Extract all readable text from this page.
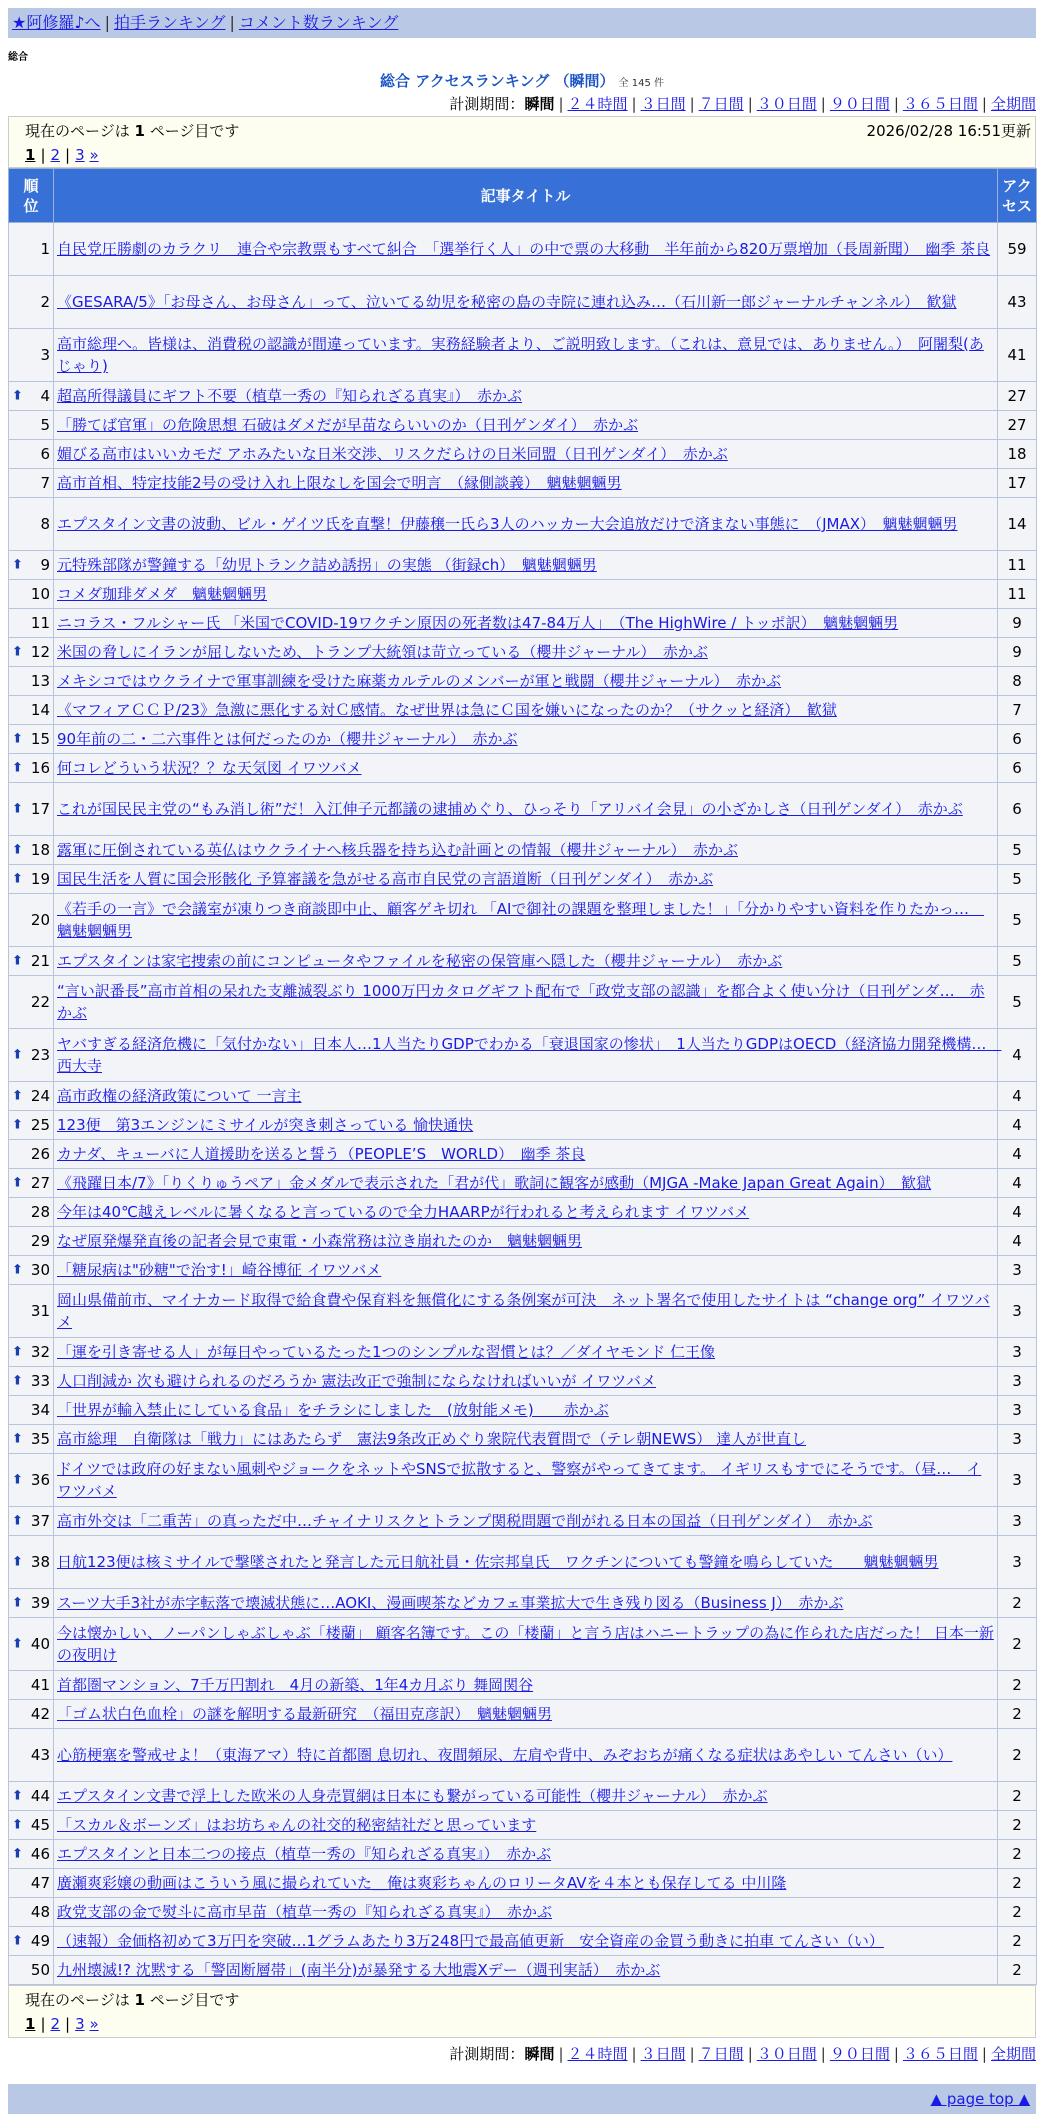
★阿修羅♪へ | 拍手ランキング | コメント数ランキング
総合
総合 アクセスランキング （瞬間） 全 145 件
計測期間：瞬間 | ２４時間 | ３日間 | ７日間 | ３０日間 | ９０日間 | ３６５日間 | 全期間
現在のページは 1 ページ目です	2026/02/28 16:51更新
1 | 2 | 3 »
順位	記事タイトル	アクセス
1	自民党圧勝劇のカラクリ　連合や宗教票もすべて糾合　「選挙行く人」の中で票の大移動　半年前から820万票増加（長周新聞）　幽季 茶良	59
2	《GESARA/5》「お母さん、お母さん」って、泣いてる幼児を秘密の島の寺院に連れ込み…（石川新一郎ジャーナルチャンネル）　歓獄	43
3	高市総理へ。皆様は、消費税の認識が間違っています。実務経験者より、ご説明致します。（これは、意見では、ありません。）　阿闍梨(あじゃり)	41

⬆ 4	超高所得議員にギフト不要（植草一秀の『知られざる真実』）　赤かぶ	27
5	「勝てば官軍」の危険思想 石破はダメだが早苗ならいいのか（日刊ゲンダイ）　赤かぶ	27
6	媚びる高市はいいカモだ アホみたいな日米交渉、リスクだらけの日米同盟（日刊ゲンダイ）　赤かぶ	18
7	高市首相、特定技能2号の受け入れ上限なしを国会で明言　（縁側談義）　魑魅魍魎男	17
8	エプスタイン文書の波動、ビル・ゲイツ氏を直撃！伊藤穣一氏ら3人のハッカー大会追放だけで済まない事態に　（JMAX）　魑魅魍魎男	14

⬆ 9	元特殊部隊が警鐘する「幼児トランク詰め誘拐」の実態 （街録ch）　魑魅魍魎男	11
10	コメダ珈琲ダメダ　魑魅魍魎男	11
11	ニコラス・フルシャー氏 「米国でCOVID-19ワクチン原因の死者数は47-84万人」　（The HighWire / トッポ訳）　魑魅魍魎男	9

⬆ 12	米国の脅しにイランが屈しないため、トランプ大統領は苛立っている（櫻井ジャーナル）　赤かぶ	9
13	メキシコではウクライナで軍事訓練を受けた麻薬カルテルのメンバーが軍と戦闘（櫻井ジャーナル）　赤かぶ	8
14	《マフィアＣＣＰ/23》急激に悪化する対Ｃ感情。なぜ世界は急にＣ国を嫌いになったのか？（サクッと経済）　歓獄	7

⬆ 15	90年前の二・二六事件とは何だったのか（櫻井ジャーナル）　赤かぶ	6

⬆ 16	何コレどういう状況？？な天気図 イワツバメ	6

⬆ 17	これが国民民主党の“もみ消し術”だ！入江伸子元都議の逮捕めぐり、ひっそり「アリバイ会見」の小ざかしさ（日刊ゲンダイ）　赤かぶ	6

⬆ 18	露軍に圧倒されている英仏はウクライナへ核兵器を持ち込む計画との情報（櫻井ジャーナル）　赤かぶ	5

⬆ 19	国民生活を人質に国会形骸化 予算審議を急がせる高市自民党の言語道断（日刊ゲンダイ）　赤かぶ	5
20	《若手の一言》で会議室が凍りつき商談即中止、顧客ゲキ切れ 「AIで御社の課題を整理しました！」「分かりやすい資料を作りたかっ…　魑魅魍魎男	5

⬆ 21	エプスタインは家宅捜索の前にコンピュータやファイルを秘密の保管庫へ隠した（櫻井ジャーナル）　赤かぶ	5
22	“言い訳番長”高市首相の呆れた支離滅裂ぶり 1000万円カタログギフト配布で「政党支部の認識」を都合よく使い分け（日刊ゲンダ…　赤かぶ	5

⬆ 23	ヤバすぎる経済危機に「気付かない」日本人…1人当たりGDPでわかる「衰退国家の惨状」　1人当たりGDPはOECD（経済協力開発機構…　西大寺	4

⬆ 24	高市政権の経済政策について 一言主	4

⬆ 25	123便　第3エンジンにミサイルが突き刺さっている 愉快通快	4
26	カナダ、キューバに人道援助を送ると誓う（PEOPLE’S　WORLD）　幽季 茶良	4

⬆ 27	《飛躍日本/7》「りくりゅうペア」金メダルで表示された「君が代」歌詞に観客が感動（MJGA -Make Japan Great Again）　歓獄	4
28	今年は40℃越えレベルに暑くなると言っているので全力HAARPが行われると考えられます イワツバメ	4
29	なぜ原発爆発直後の記者会見で東電・小森常務は泣き崩れたのか　魑魅魍魎男	4

⬆ 30	「糖尿病は"砂糖"で治す!」崎谷博征 イワツバメ	3
31	岡山県備前市、マイナカード取得で給食費や保育料を無償化にする条例案が可決　ネット署名で使用したサイトは “change org” イワツバメ	3

⬆ 32	「運を引き寄せる人」が毎日やっているたった1つのシンプルな習慣とは？／ダイヤモンド 仁王像	3

⬆ 33	人口削減か 次も避けられるのだろうか 憲法改正で強制にならなければいいが イワツバメ	3
34	「世界が輸入禁止にしている食品」をチラシにしました　(放射能メモ)　　赤かぶ	3

⬆ 35	高市総理　自衛隊は「戦力」にはあたらず　憲法9条改正めぐり衆院代表質問で（テレ朝NEWS） 達人が世直し	3

⬆ 36	ドイツでは政府の好まない風刺やジョークをネットやSNSで拡散すると、警察がやってきてます。 イギリスもすでにそうです。（昼…　イワツバメ	3

⬆ 37	高市外交は「二重苦」の真っただ中…チャイナリスクとトランプ関税問題で削がれる日本の国益（日刊ゲンダイ）　赤かぶ	3

⬆ 38	日航123便は核ミサイルで撃墜されたと発言した元日航社員・佐宗邦皇氏　ワクチンについても警鐘を鳴らしていた　　魑魅魍魎男	3

⬆ 39	スーツ大手3社が赤字転落で壊滅状態に…AOKI、漫画喫茶などカフェ事業拡大で生き残り図る（Business J）　赤かぶ	2

⬆ 40	今は懐かしい、ノーパンしゃぶしゃぶ「楼蘭」 顧客名簿です。この「楼蘭」と言う店はハニートラップの為に作られた店だった！ 日本一新の夜明け	2
41	首都圏マンション、7千万円割れ　4月の新築、1年4カ月ぶり 舞岡関谷	2
42	「ゴム状白色血栓」の謎を解明する最新研究　（福田克彦訳）　魑魅魍魎男	2
43	心筋梗塞を警戒せよ！（東海アマ）特に首都圏 息切れ、夜間頻尿、左肩や背中、みぞおちが痛くなる症状はあやしい てんさい（い）	2

⬆ 44	エプスタイン文書で浮上した欧米の人身売買網は日本にも繋がっている可能性（櫻井ジャーナル）　赤かぶ	2

⬆ 45	「スカル＆ボーンズ」はお坊ちゃんの社交的秘密結社だと思っています	2

⬆ 46	エプスタインと日本二つの接点（植草一秀の『知られざる真実』）　赤かぶ	2
47	廣瀬爽彩嬢の動画はこういう風に撮られていた＿俺は爽彩ちゃんのロリータAVを４本とも保存してる 中川隆	2
48	政党支部の金で熨斗に高市早苗（植草一秀の『知られざる真実』）　赤かぶ	2

⬆ 49	（速報）金価格初めて3万円を突破…1グラムあたり3万248円で最高値更新　安全資産の金買う動きに拍車 てんさい（い）	2
50	九州壊滅!? 沈黙する「警固断層帯」(南半分)が暴発する大地震Xデー（週刊実話）　赤かぶ	2
現在のページは 1 ページ目です
1 | 2 | 3 »
計測期間：瞬間 | ２４時間 | ３日間 | ７日間 | ３０日間 | ９０日間 | ３６５日間 | 全期間
▲ page top ▲
